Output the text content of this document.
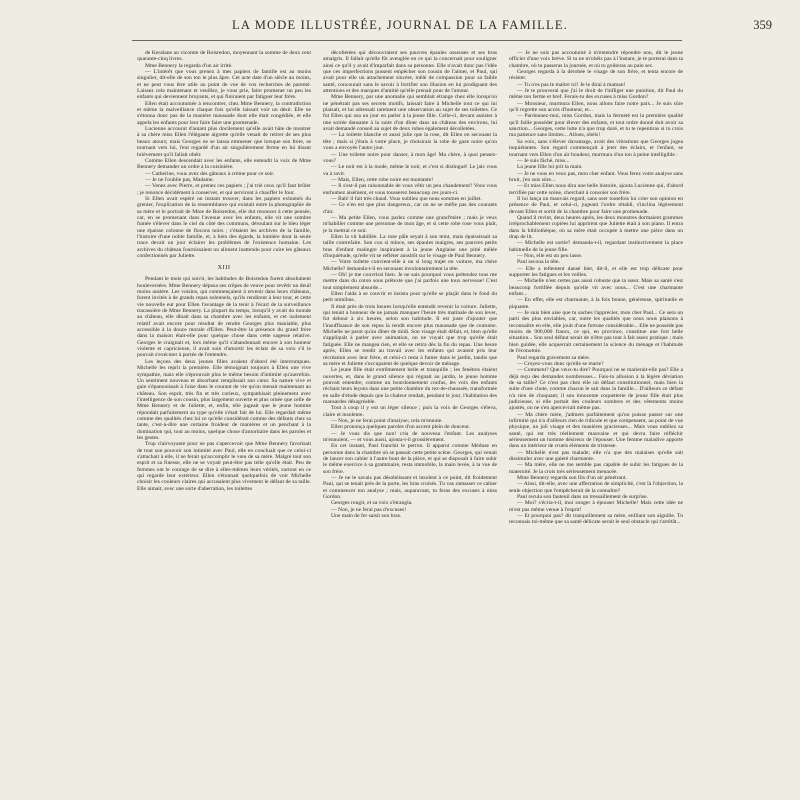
LA MODE ILLUSTRÉE, JOURNAL DE LA FAMILLE.	359

de Keralane au vicomte de Boisredon, moyennant la somme de deux cent quarante-cinq livres.

Mme Bennery la regarda d'un air irrité.

— L'intérêt que vous prenez à mes papiers de famille est au moins singulier, dit-elle de son ton le plus âpre. Cet acte date d'un siècle au moins, et ne peut vous être utile au point de vue de vos recherches de parenté. Laissez cela maintenant et veuillez, je vous prie, faire promener un peu les enfants qui deviennent bruyants, et qui finiraient par fatiguer leur frère.

Ellen était accoutumée à rencontrer, chez Mme Bennery, la contradiction et même la malveillance chaque fois qu'elle laissait voir un désir. Elle ne s'étonna donc pas de la manière maussade dont elle était congédiée, et elle appela les enfants pour leur faire faire une promenade.

Lucienne accourut d'autant plus docilement qu'elle avait hâte de montrer à sa chère miss Ellen l'élégante aigrette qu'elle venait de retirer de ses plus beaux atours; mais Georges ne se laissa emmener que lorsque son frère, se tournant vers lui, l'eut regardé d'un air singulièrement ferme en lui disant brièvement qu'il fallait obéir.

Comme Ellen descendait avec les enfants, elle entendit la voix de Mme Bennery demander un ordre à la cuisinière.

— Catherine, vous avez des gâteaux à crème pour ce soir.

— Je ne l'oublie pas, Madame.

— Venez avec Pierre, et prenez ces papiers ; j'ai trié ceux qu'il faut brûler ; je renonce décidément à conserver, et qui serviront à chauffer le four.

Si Ellen avait espéré un instant trouver, dans les papiers exhumés du grenier, l'explication de la ressemblance qui existait entre la photographie de sa mère et le portrait de Mme de Boisredon, elle dut renoncer à cette pensée, car, en se promenant dans l'avenue avec les enfants, elle vit une sombre fumée s'élever dans le ciel du côté des communs, déroulant sur le bleu léger une épaisse colonne de flocons noirs ; c'étaient les archives de la famille, l'histoire d'une noble famille, et, à bien des égards, la lumière dont la seule trace devait un jour éclairer les problèmes de l'existence humaine. Les archives du château fournissaient un aliment inattendu pour cuire les gâteaux confectionnés par Juliette.

XIII

Pendant le mois qui suivit, les habitudes de Boisredon furent absolument bouleversées. Mme Bennery déposa ses crêpes de veuve pour revêtir un deuil moins austère. Les voisins, qui commençaient à revenir dans leurs châteaux, furent invités à de grands repas solennels, qu'ils rendirent à leur tour, et cette vie nouvelle eut pour Ellen l'avantage de la tenir à l'écart de la surveillance tracassière de Mme Bennery. La plupart du temps, lorsqu'il y avait du monde au château, elle dînait dans sa chambre avec les enfants, et cet isolement relatif avait encore pour résultat de rendre Georges plus maniable, plus accessible à la douce morale d'Ellen. Peut-être la présence du grand frère dans la maison était-elle pour quelque chose dans cette sagesse relative. Georges le craignait et, lors même qu'il s'abandonnait encore à son humeur violente et capricieuse, il avait soin d'amortir les éclats de sa voix s'il le pouvait s'exécuter à portée de l'entendre.

Les leçons des deux jeunes filles avaient d'abord été interrompues. Michelle les reprit la première. Elle témoignait toujours à Ellen une vive sympathie, mais elle s'éprouvait plus le même besoin d'intimité qu'autrefois. Un sentiment nouveau et absorbant remplissait son cœur. Sa nature vive et gaie s'épanouissait à l'aise dans le courant de vie qu'on menait maintenant au château. Son esprit, très fin et très curieux, sympathisait pleinement avec l'intelligence de son cousin, plus largement ouverte et plus ornée que celle de Mme Bennery et de Juliette, et, enfin, elle jugeait que le jeune homme répondait parfaitement au type qu'elle s'était fait de lui. Elle regardait même comme des qualités chez lui ce qu'elle considérait comme des défauts chez sa tante, c'est-à-dire une certaine froideur de manières et un penchant à la domination qui, tout au moins, quelque chose d'autoritaire dans les paroles et les gestes.

Trop clairvoyante pour ne pas s'apercevoir que Mme Bennery favorisait de tout son pouvoir son intimité avec Paul, elle en concluait que ce celui-ci s'attachait à elle, il ne ferait qu'accomplir le vœu de sa mère. Malgré tout son esprit et sa finesse, elle ne se voyait peut-être pas telle qu'elle était. Peu de femmes ont le courage de se dire à elles-mêmes leurs vérités, surtout en ce qui regarde leur extérieur. Ellen s'étonnait quelquefois de voir Michelle choisir les couleurs claires qui accusaient plus vivement le défaut de sa taille. Elle aimait, avec une sorte d'aberration, les toilettes

décolletées qui découvraient ses pauvres épaules osseuses et ses bras amaigris. Il fallait qu'elle fût aveuglée en ce qui la concernait pour souligner ainsi ce qu'il y avait d'imparfait dans sa personne. Elle n'avait donc pas l'idée que ces imperfections pussent empêcher son cousin de l'aimer, et Paul, qui avait pour elle un attachement sincère, mêlé de compassion pour sa faible santé, concourait sans le savoir à fortifier son illusion en lui prodiguant des attentions et des marques d'amitié qu'elle prenait pour de l'amour.

Mme Bennery, par une anomalie qui semblait étrange chez elle lorsqu'on ne pénétrait pas ses secrets motifs, laissait faire à Michelle tout ce qui lui plaisait, et lui adressait rarement une observation au sujet de ses toilettes. Ce fut Ellen qui osa un jour en parler à la jeune fille. Celle-ci, devant assister à une soirée dansante à la suite d'un dîner dans un château des environs, lui avait demandé conseil au sujet de deux robes également décolletées.

— La toilette blanche et aussi jolie que la rose, dit Ellen en secouant la tête ; mais si j'étais à votre place, je choisirais la robe de gaze noire qu'on vous a envoyée l'autre jour.

— Une toilette noire pour danser, à mon âge! Ma chère, à quoi pensez-vous?

— Le noir est à la mode, même le noir, et c'est si distingué! Le jais vous va à ravir.

— Mais, Ellen, cette robe noire est montante!

— Il s'est-il pas raisonnable de vous vêtir un peu chaudement? Vous vous enrhumez aisément, et vous tousserez beaucoup ces jours-ci.

— Bah! il fait très chaud. Vous oubliez que nous sommes en juillet.

— Ce n'en est que plus dangereux, car on ne se méfie pas des courants d'air.

— Ma petite Ellen, vous parlez comme une grand'mère ; mais je veux m'habiller comme une personne de mon âge, et si cette robe rose vous plaît, je la mettrai ce soir.

Ellen la vit habillée. La rose pâle seyait à son teint, mais épaississait sa taille contrefaite. Son cou si mince, ses épaules maigres, ses pauvres petits bras d'enfant malingre inspiraient à la jeune Anglaise une pitié mêlée d'inquiétude, qu'elle vit se refléter aussitôt sur le visage de Paul Bennery.

— Votre toilette convient-elle à un si long trajet en voiture, ma chère Michelle? demanda-t-il en secouant involontairement la tête.

— Oh! je me couvrirai bien. Je ne sais pourquoi vous prétendez tous me mettre dans du coton sous prétexte que j'ai parfois une toux nerveuse! C'est tout simplement absurde...

Ellen l'aida à se couvrir et insista pour qu'elle se plaçât dans le fond du petit omnibus.

Il était près de trois heures lorsqu'elle entendit revenir la voiture. Juliette, qui tenait à honneur de ne jamais manquer l'heure très matinale de son lever, fut debout à six heures, selon son habitude. Il est juste d'ajouter que l'insuffisance de son repos la rendit encore plus maussade que de coutume. Michelle ne parut qu'au dîner de midi. Son visage était défait, et, bien qu'elle s'appliquât à parler avec animation, on ne voyait que trop qu'elle était fatiguée. Elle ne mangea rien, et elle se retira dès la fin du repas. Une heure après, Ellen se rendit au travail avec les enfants qui avaient pris leur récréation avec leur frère, et celui-ci resta à fumer dans le jardin, tandis que sa mère et Juliette s'occupaient de quelque devoir de ménage.

Le jeune fille était extrêmement belle et tranquille ; les fenêtres étaient ouvertes, et, dans le grand silence qui régnait au jardin, le jeune homme pouvait entendre, comme un bourdonnement confus, les voix des enfants récitant leurs leçons dans une petite chambre du rez-de-chaussée, transformée en salle d'étude depuis que la chaleur rendait, pendant le jour, l'habitation des mansardes désagréable.

Tout à coup il y eut un léger silence ; puis la voix de Georges s'éleva, claire et insolente.

— Non, je ne ferai point d'analyse; cela m'ennuie.

Ellen prononça quelques paroles d'un accent plein de douceur.

— Je vous dis que non! cria de nouveau l'enfant. Les analyses m'ennuient, — et vous aussi, ajouta-t-il grossièrement.

En cet instant, Paul franchit le perron. Il apparut comme Méduse en personne dans la chambre où se passait cette petite scène. Georges, qui venait de lancer son cahier à l'autre bout de la pièce, et qui se disposait à faire subir le même exercice à sa grammaire, resta immobile, la main levée, à la vue de son frère.

— Je ne le savais pas désobéissant et insolent à ce point, dit froidement Paul, qui se tenait près de la porte, les bras croisés. Tu vas ramasser ce cahier et commencer ton analyse ; mais, auparavant, tu feras des excuses à miss Gordon.

Georges rougit, et sa voix s'étrangla.

— Non, je ne ferai pas d'excuses!

Une main de fer saisit son bras.

— Je ne suis pas accoutumé à m'entendre répondre non, dit le jeune officier d'une voix brève. Si tu ne m'obéis pas à l'instant, je te porterai dans ta chambre, où tu passeras la journée, et où tu goûteras au pain sec.

Georges regarda à la dérobée le visage de son frère, et tenta encore de résister.

— Tu n'es pas le maître ici! Je le dirai à maman!

— Je te prouverai que j'ai le droit de t'infliger une punition, dit Paul du même ton ferme et bref. Ferais-tu des excuses à miss Gordon?

— Monsieur, murmura Ellen, nous allons faire notre paix... Je suis sûre qu'il regrette son accès d'humeur, et...

— Pardonnez-moi, miss Gordon, mais la fermeté est la première qualité qu'il faille posséder pour élever des enfants, et tout ordre donné doit avoir sa sanction... Georges, cette lutte n'a que trop duré, et tu te repentiras si tu crois ma patience sans limites... Allons, obéis!

Sa voix, sans s'élever davantage, avait des vibrations que Georges jugea inquiétantes. Son regard commençait à jeter des éclairs, et l'enfant, se tournant vers Ellen d'un air boudeur, murmura d'un ton à peine intelligible :

— Je suis fâché, miss...

La jeune fille lui prit la main.

— Je ne vous en veux pas, mon cher enfant. Vous ferez votre analyse sans bruit, j'en suis sûre...

— Et miss Ellen nous dira une belle histoire, ajouta Lucienne qui, d'abord terrifiée par cette scène, cherchait à consoler son frère.

Il lui lança un mauvais regard, sans oser toutefois lui crier son opinion en présence de Paul, et celui-ci, jugeant l'ordre rétabli, s'inclina légèrement devant Ellen et sortit de la chambre pour faire une promenade.

Quand il revint, deux heures après, les deux monstres dormaient grammes irréprochablement copiées lui apprirent que Juliette était à son piano. Il entra dans la bibliothèque, où sa mère était occupée à mettre une pièce dans un drap de lit.

— Michelle est sortie? demanda-t-il, regardant instinctivement la place habituelle de la jeune fille.

— Non, elle est un peu lasse.

Paul secoua la tête.

— Elle a tellement dansé hier, dit-il, et elle est trop délicate pour supporter les fatigues et les veilles.

— Michelle n'est certes pas aussi robuste que ta sœur. Mais sa santé s'est beaucoup fortifiée depuis qu'elle vit avec nous... C'est une charmante enfant...

— En effet, elle est charmante, à la fois bonne, généreuse, spirituelle et piquante.

— Je suis bien aise que tu saches l'apprécier, mon cher Paul... Ce sera un parti des plus enviables, car, outre les qualités que nous nous plaisons à reconnaître en elle, elle jouit d'une fortune considérable... Elle ne possède pas moins de 900,000 francs, ce qui, en province, constitue une fort belle situation... Son seul défaut serait de n'être pas tout à fait assez pratique ; mais bien guidée, elle acquerrait certainement la science du ménage et l'habitude de l'économie.

Paul regarda gravement sa mère.

— Croyez-vous donc qu'elle se marie?

— Comment? Que veux-tu dire? Pourquoi ne se marierait-elle pas? Elle a déjà reçu des demandes nombreuses... Fais-tu allusion à la légère déviation de sa taille? Ce n'est pas chez elle un défaut constitutionnel, mais bien la suite d'une chute, comme chacun le sait dans la famille... D'ailleurs ce défaut n'a rien de choquant; il son innocente coquetterie de jeune fille était plus judicieuse, si elle portait des couleurs sombres et des vêtements moins ajustés, on ne s'en apercevrait même pas.

— Ma chère mère, j'admets parfaitement qu'on puisse passer sur une infirmité qui n'a d'ailleurs rien de ridicule et que compensent, au point de vue physique, un joli visage et des manières gracieuses... Mais vous oubliez sa santé, qui est très réellement mauvaise et qui devra faire réfléchir sérieusement un homme désireux de l'épouser. Une femme maladive apporte dans un intérieur de cruels éléments de tristesse.

— Michelle n'est pas malade; elle n'a que des malaises qu'elle sait dissimuler avec une gaieté charmante.

— Ma mère, elle ne me semble pas capable de subir les fatigues de la maternité. Je la crois très sérieusement menacée.

Mme Bennery regarda son fils d'un air pénétrant.

— Ainsi, dit-elle, avec une affectation de simplicité, c'est là l'objection, la seule objection que l'empêcherait de la connaître?

Paul recula son fauteuil dans un tressaillement de surprise.

— Moi? s'écria-t-il, moi songer à épouser Michelle! Mais cette idée ne m'est pas même venue à l'esprit!

— Et pourquoi pas? dit tranquillement sa mère, enfilant son aiguille. Tu reconnais toi-même que sa santé délicate serait le seul obstacle qui t'arrêtât...
